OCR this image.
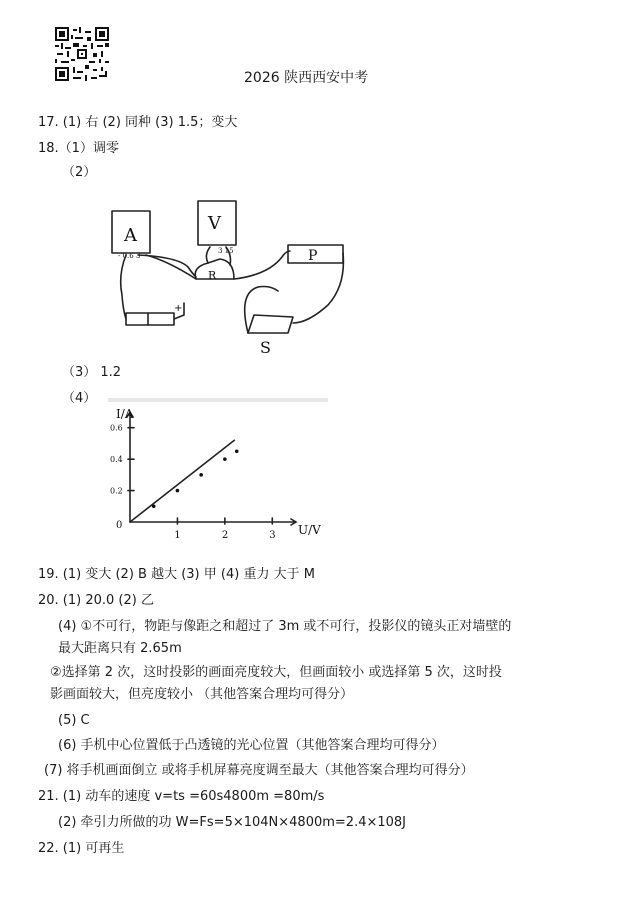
2026 陕西西安中考
17. (1) 右 (2) 同种 (3) 1.5；变大
18.（1）调零
（2）
A
V
- 0.6 3
3 15
R
P
S
+
（3） 1.2
（4）
1	2	3
0.2
0.4
0.6
0	U/V
I/A
19. (1) 变大 (2) B 越大 (3) 甲 (4) 重力 大于 M
20. (1) 20.0 (2) 乙
(4) ①不可行，物距与像距之和超过了 3m 或不可行，投影仪的镜头正对墙壁的
最大距离只有 2.65m
②选择第 2 次，这时投影的画面亮度较大，但画面较小 或选择第 5 次，这时投
影画面较大，但亮度较小 （其他答案合理均可得分）
(5) C
(6) 手机中心位置低于凸透镜的光心位置（其他答案合理均可得分）
(7) 将手机画面倒立 或将手机屏幕亮度调至最大（其他答案合理均可得分）
21. (1) 动车的速度 v=ts =60s4800m =80m/s
(2) 牵引力所做的功 W=Fs=5×104N×4800m=2.4×108J
22. (1) 可再生
